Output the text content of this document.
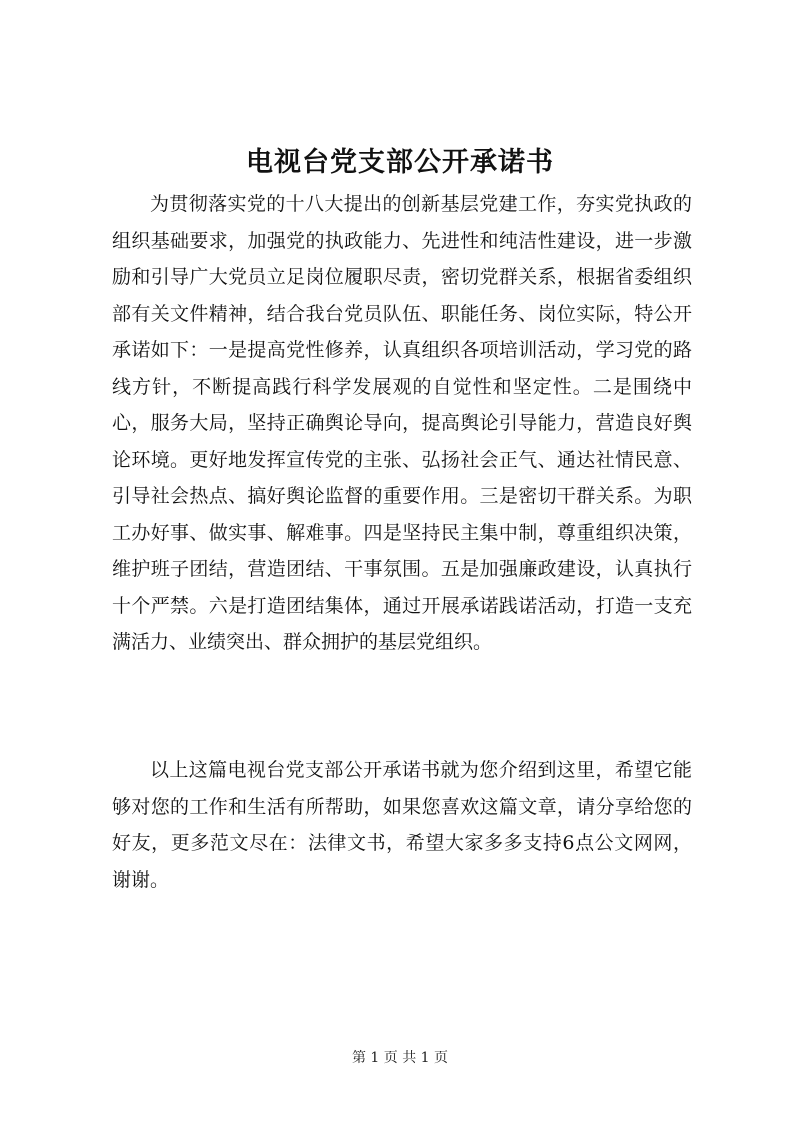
电视台党支部公开承诺书

为贯彻落实党的十八大提出的创新基层党建工作，夯实党执政的组织基础要求，加强党的执政能力、先进性和纯洁性建设，进一步激励和引导广大党员立足岗位履职尽责，密切党群关系，根据省委组织部有关文件精神，结合我台党员队伍、职能任务、岗位实际，特公开承诺如下：一是提高党性修养，认真组织各项培训活动，学习党的路线方针，不断提高践行科学发展观的自觉性和坚定性。二是围绕中心，服务大局，坚持正确舆论导向，提高舆论引导能力，营造良好舆论环境。更好地发挥宣传党的主张、弘扬社会正气、通达社情民意、引导社会热点、搞好舆论监督的重要作用。三是密切干群关系。为职工办好事、做实事、解难事。四是坚持民主集中制，尊重组织决策，维护班子团结，营造团结、干事氛围。五是加强廉政建设，认真执行十个严禁。六是打造团结集体，通过开展承诺践诺活动，打造一支充满活力、业绩突出、群众拥护的基层党组织。

以上这篇电视台党支部公开承诺书就为您介绍到这里，希望它能够对您的工作和生活有所帮助，如果您喜欢这篇文章，请分享给您的好友，更多范文尽在：法律文书，希望大家多多支持6点公文网网，谢谢。

第 1 页 共 1 页
